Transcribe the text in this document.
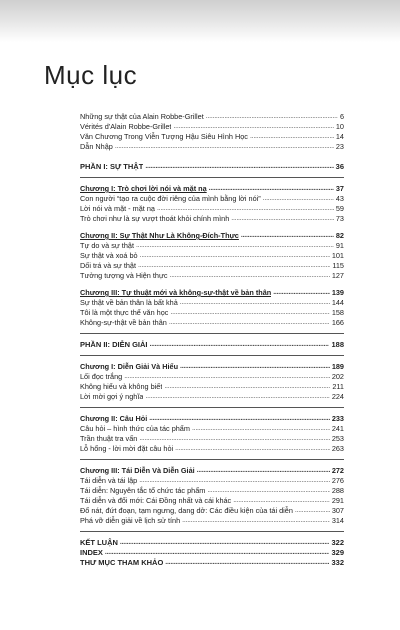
Mục lục
Những sự thật của Alain Robbe-Grillet . . .	6
Vérités d'Alain Robbe-Grillet . . .	10
Văn Chương Trong Viễn Tượng Hậu Siêu Hình Học . . .	14
Dẫn Nhập . . .	23
PHẦN I: SỰ THẬT . . .	36
Chương I: Trò chơi lời nói và mặt nạ . . .	37
Con người “tạo ra cuộc đời riêng của mình bằng lời nói” . . .	43
Lời nói và mặt - mặt nạ . . .	59
Trò chơi như là sự vượt thoát khỏi chính mình . . .	73
Chương II: Sự Thật Như Là Không-Đích-Thực . . .	82
Tự do và sự thật . . .	91
Sự thật và xoá bỏ . . .	101
Dối trá và sự thật . . .	115
Tưởng tượng và Hiện thực . . .	127
Chương III: Tự thuật mới và không-sự-thật về bản thân . . .	139
Sự thật về bản thân là bất khả . . .	144
Tôi là một thực thể văn học . . .	158
Không-sự-thật về bản thân . . .	166
PHẦN II: DIỄN GIẢI . . .	188
Chương I: Diễn Giải Và Hiểu . . .	189
Lối đọc trắng . . .	202
Không hiểu và không biết . . .	211
Lời mời gợi ý nghĩa . . .	224
Chương II: Câu Hỏi . . .	233
Câu hỏi – hình thức của tác phẩm . . .	241
Trần thuật tra vấn . . .	253
Lỗ hổng - lời mời đặt câu hỏi . . .	263
Chương III: Tái Diễn Và Diễn Giải . . .	272
Tái diễn và tái lập . . .	276
Tái diễn: Nguyên tắc tổ chức tác phẩm . . .	288
Tái diễn và đổi mới: Cái Đồng nhất và cái khác . . .	291
Đổ nát, đứt đoạn, tạm ngưng, dang dở: Các điều kiện của tái diễn . . .	307
Phá vỡ diễn giải về lịch sử tính . . .	314
KẾT LUẬN . . .	322
INDEX . . .	329
THƯ MỤC THAM KHẢO . . .	332
